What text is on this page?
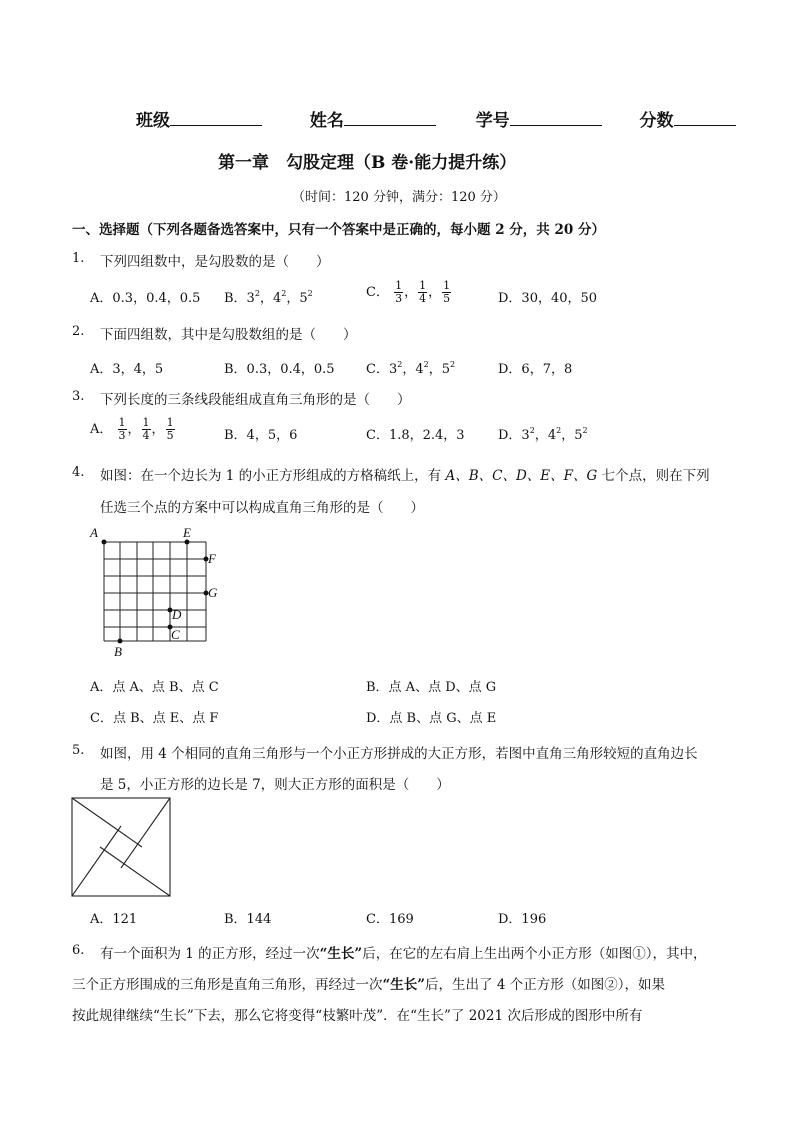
班级	姓名	学号	分数
第一章　勾股定理（B 卷·能力提升练）
（时间：120 分钟，满分：120 分）
一、选择题（下列各题备选答案中，只有一个答案中是正确的，每小题 2 分，共 20 分）
1. 下列四组数中，是勾股数的是（　　）
A．0.3，0.4，0.5 B．$3^2$，$4^2$，$5^2$	C． $\frac{1}{3}$ ， $\frac{1}{4}$ ， $\frac{1}{5}$	D．30，40，50
2. 下面四组数，其中是勾股数组的是（　　）
A．3，4，5	B．0.3，0.4，0.5 C．$3^2$，$4^2$，$5^2$	D．6，7，8
3. 下列长度的三条线段能组成直角三角形的是（　　）
A． $\frac{1}{3}$ ， $\frac{1}{4}$ ， $\frac{1}{5}$	B．4，5，6	C．1.8，2.4，3	D．$3^2$，$4^2$，$5^2$
4. 如图：在一个边长为 1 的小正方形组成的方格稿纸上，有 A、B、C、D、E、F、G 七个点，则在下列
任选三个点的方案中可以构成直角三角形的是（　　）
A	E
F
G
D
C
B
A．点 A、点 B、点 C	B．点 A、点 D、点 G
C．点 B、点 E、点 F	D．点 B、点 G、点 E
5. 如图，用 4 个相同的直角三角形与一个小正方形拼成的大正方形，若图中直角三角形较短的直角边长
是 5，小正方形的边长是 7，则大正方形的面积是（　　）
A．121	B．144	C．169	D．196
6. 有一个面积为 1 的正方形，经过一次“生长”后，在它的左右肩上生出两个小正方形（如图①），其中，
三个正方形围成的三角形是直角三角形，再经过一次“生长”后，生出了 4 个正方形（如图②），如果
按此规律继续“生长”下去，那么它将变得“枝繁叶茂”．在“生长”了 2021 次后形成的图形中所有
